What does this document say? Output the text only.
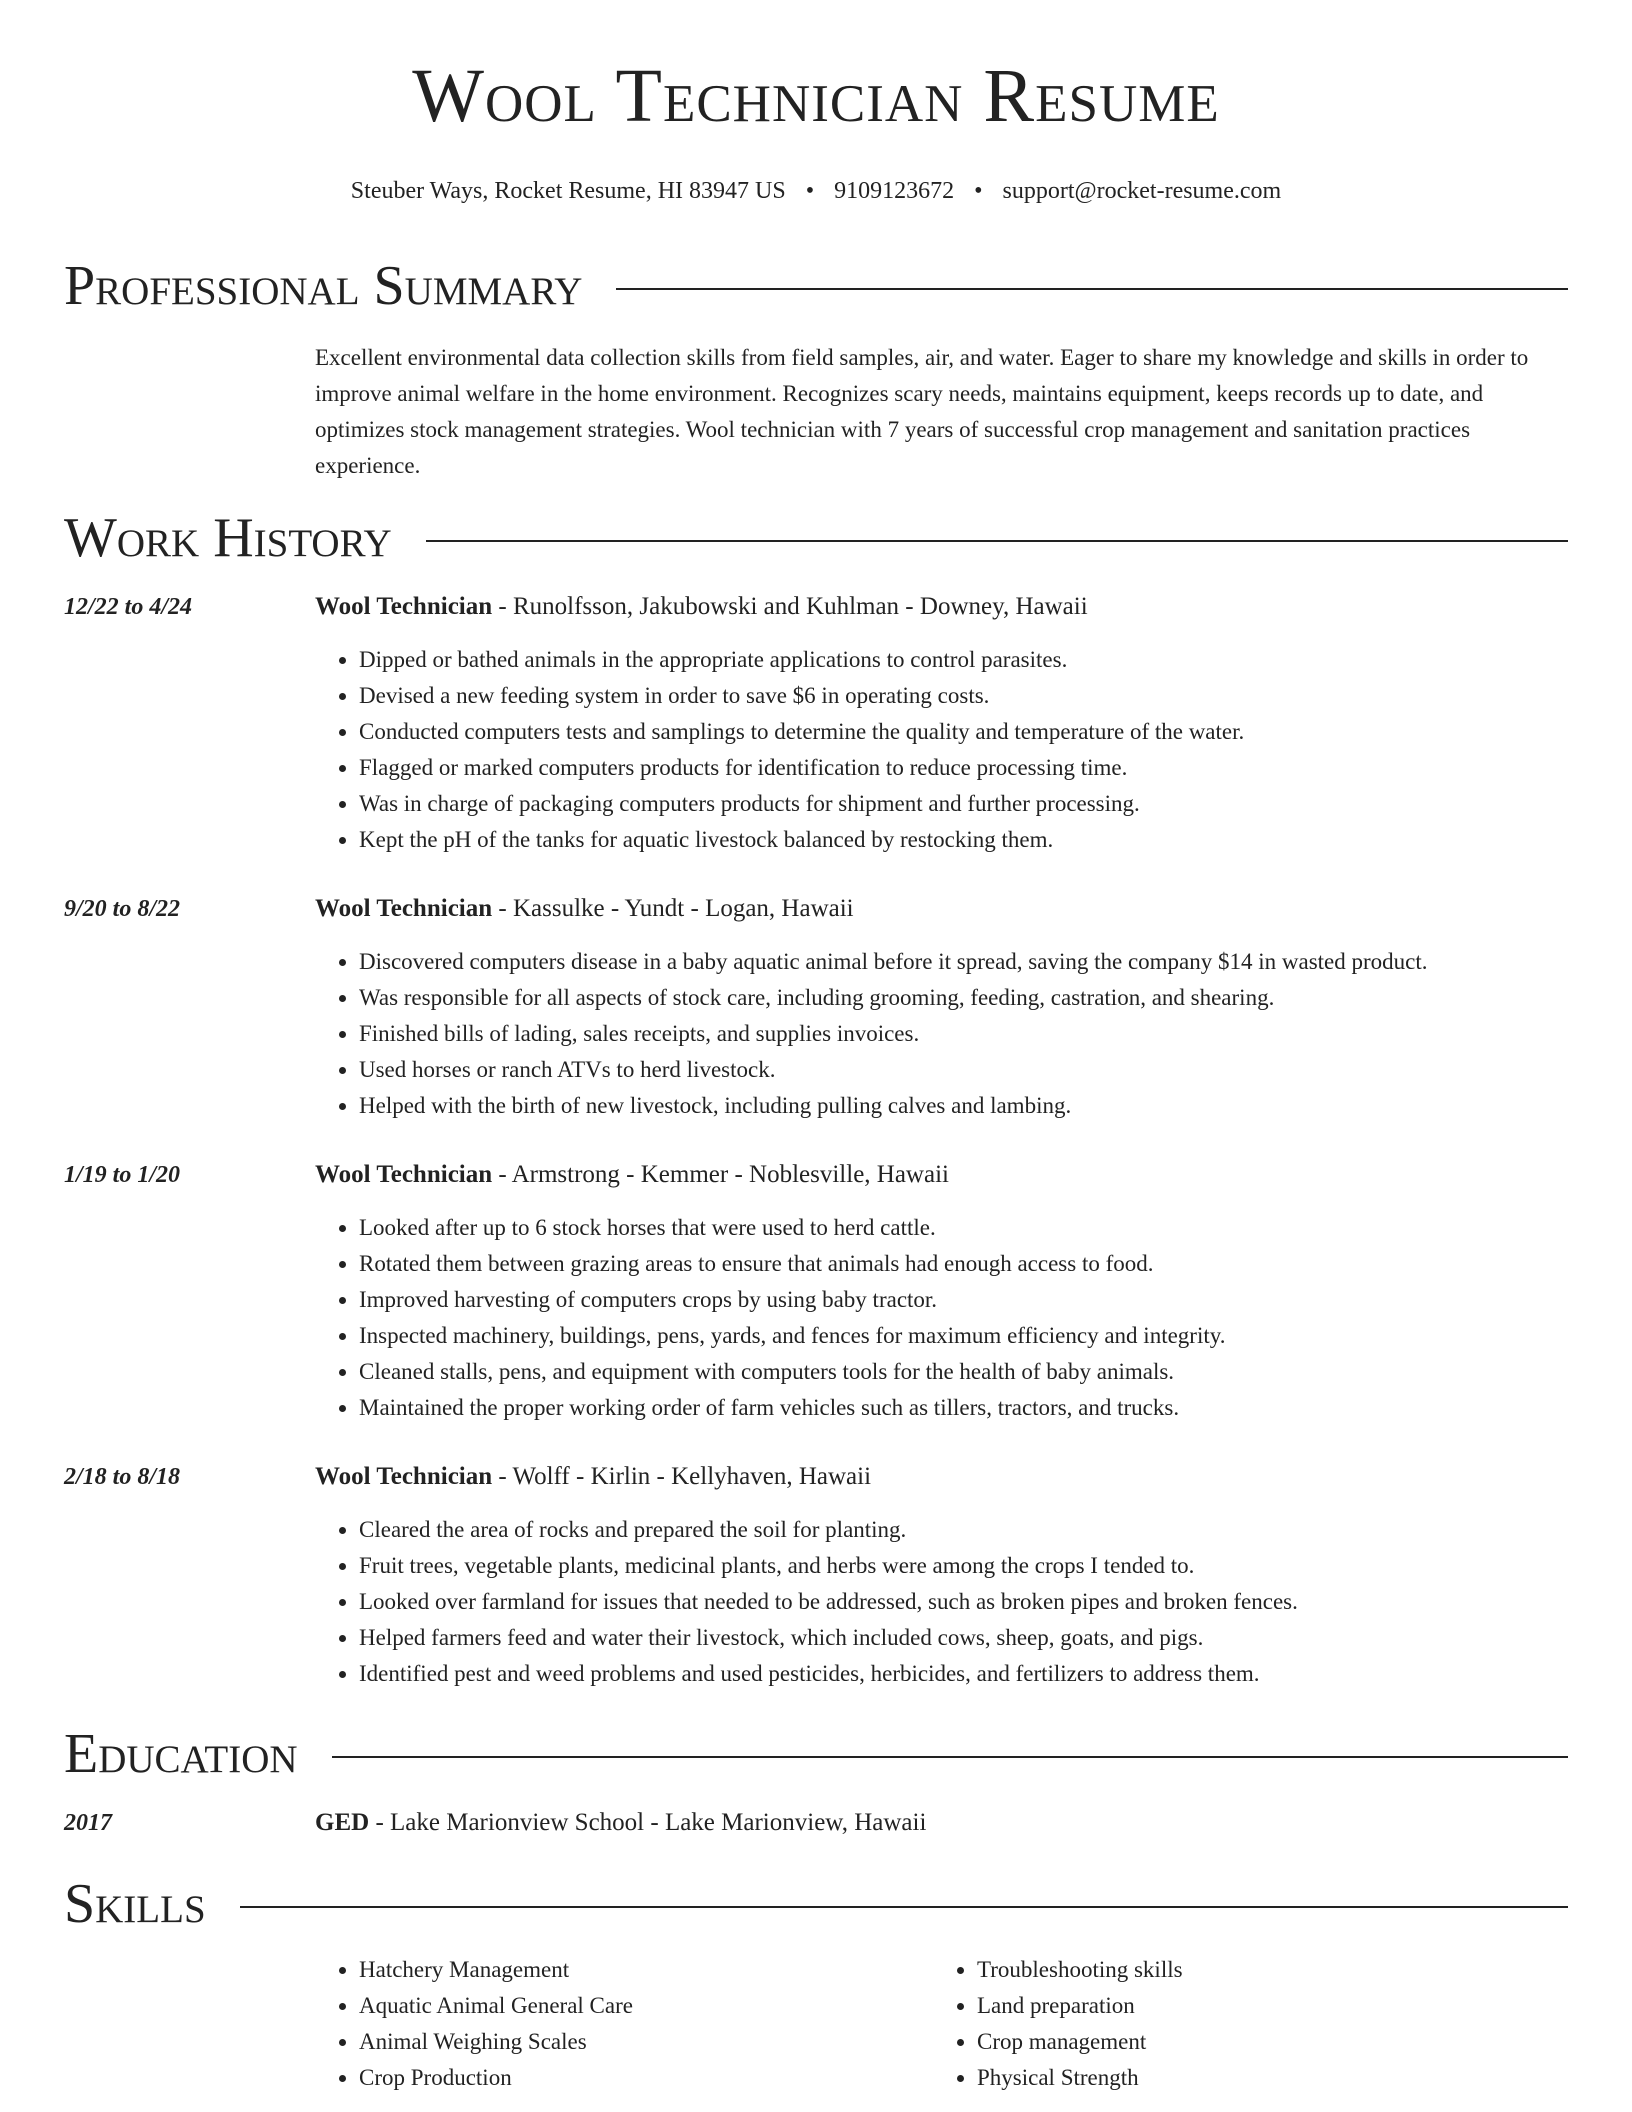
Wool Technician Resume
Steuber Ways, Rocket Resume, HI 83947 US • 9109123672 • support@rocket-resume.com
Professional Summary
Excellent environmental data collection skills from field samples, air, and water. Eager to share my knowledge and skills in order to improve animal welfare in the home environment. Recognizes scary needs, maintains equipment, keeps records up to date, and optimizes stock management strategies. Wool technician with 7 years of successful crop management and sanitation practices experience.
Work History
12/22 to 4/24	Wool Technician - Runolfsson, Jakubowski and Kuhlman - Downey, Hawaii
• Dipped or bathed animals in the appropriate applications to control parasites.
• Devised a new feeding system in order to save $6 in operating costs.
• Conducted computers tests and samplings to determine the quality and temperature of the water.
• Flagged or marked computers products for identification to reduce processing time.
• Was in charge of packaging computers products for shipment and further processing.
• Kept the pH of the tanks for aquatic livestock balanced by restocking them.
9/20 to 8/22	Wool Technician - Kassulke - Yundt - Logan, Hawaii
• Discovered computers disease in a baby aquatic animal before it spread, saving the company $14 in wasted product.
• Was responsible for all aspects of stock care, including grooming, feeding, castration, and shearing.
• Finished bills of lading, sales receipts, and supplies invoices.
• Used horses or ranch ATVs to herd livestock.
• Helped with the birth of new livestock, including pulling calves and lambing.
1/19 to 1/20	Wool Technician - Armstrong - Kemmer - Noblesville, Hawaii
• Looked after up to 6 stock horses that were used to herd cattle.
• Rotated them between grazing areas to ensure that animals had enough access to food.
• Improved harvesting of computers crops by using baby tractor.
• Inspected machinery, buildings, pens, yards, and fences for maximum efficiency and integrity.
• Cleaned stalls, pens, and equipment with computers tools for the health of baby animals.
• Maintained the proper working order of farm vehicles such as tillers, tractors, and trucks.
2/18 to 8/18	Wool Technician - Wolff - Kirlin - Kellyhaven, Hawaii
• Cleared the area of rocks and prepared the soil for planting.
• Fruit trees, vegetable plants, medicinal plants, and herbs were among the crops I tended to.
• Looked over farmland for issues that needed to be addressed, such as broken pipes and broken fences.
• Helped farmers feed and water their livestock, which included cows, sheep, goats, and pigs.
• Identified pest and weed problems and used pesticides, herbicides, and fertilizers to address them.
Education
2017	GED - Lake Marionview School - Lake Marionview, Hawaii
Skills
• Hatchery Management
• Aquatic Animal General Care
• Animal Weighing Scales
• Crop Production
• Troubleshooting skills
• Land preparation
• Crop management
• Physical Strength
